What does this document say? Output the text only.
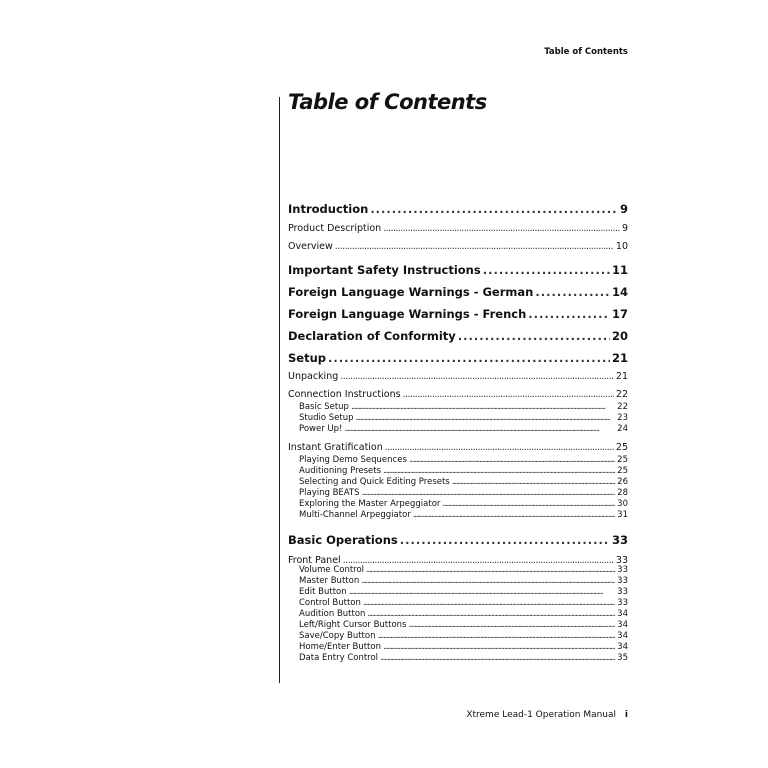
Table of Contents
Table of Contents
Introduction . . .	9
Product Description . . .	9
Overview . . .	10
Important Safety Instructions . . .	11
Foreign Language Warnings - German . . .	14
Foreign Language Warnings - French . . .	17
Declaration of Conformity . . .	20
Setup . . .	21
Unpacking . . .	21
Connection Instructions . . .	22
Basic Setup . . .	22
Studio Setup . . .	23
Power Up! . . .	24
Instant Gratification . . .	25
Playing Demo Sequences . . .	25
Auditioning Presets . . .	25
Selecting and Quick Editing Presets . . .	26
Playing BEATS . . .	28
Exploring the Master Arpeggiator . . .	30
Multi-Channel Arpeggiator . . .	31
Basic Operations . . .	33
Front Panel . . .	33
Volume Control . . .	33
Master Button . . .	33
Edit Button . . .	33
Control Button . . .	33
Audition Button . . .	34
Left/Right Cursor Buttons . . .	34
Save/Copy Button . . .	34
Home/Enter Button . . .	34
Data Entry Control . . .	35
Xtreme Lead-1 Operation Manual i
